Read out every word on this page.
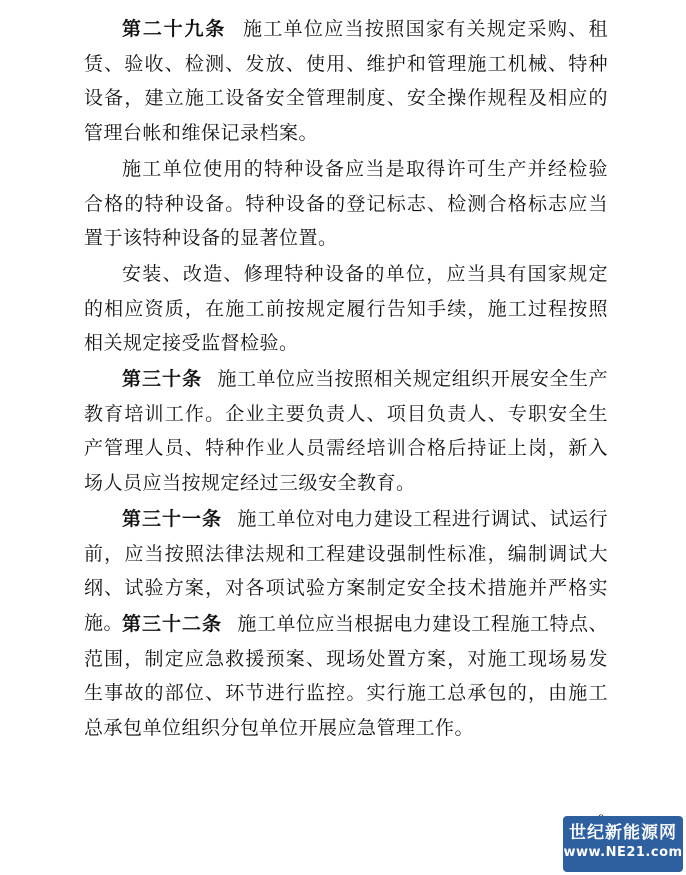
第二十九条 施工单位应当按照国家有关规定采购、租赁、验收、检测、发放、使用、维护和管理施工机械、特种设备，建立施工设备安全管理制度、安全操作规程及相应的管理台帐和维保记录档案。

施工单位使用的特种设备应当是取得许可生产并经检验合格的特种设备。特种设备的登记标志、检测合格标志应当置于该特种设备的显著位置。

安装、改造、修理特种设备的单位，应当具有国家规定的相应资质，在施工前按规定履行告知手续，施工过程按照相关规定接受监督检验。

第三十条 施工单位应当按照相关规定组织开展安全生产教育培训工作。企业主要负责人、项目负责人、专职安全生产管理人员、特种作业人员需经培训合格后持证上岗，新入场人员应当按规定经过三级安全教育。

第三十一条 施工单位对电力建设工程进行调试、试运行前，应当按照法律法规和工程建设强制性标准，编制调试大纲、试验方案，对各项试验方案制定安全技术措施并严格实施。

第三十二条 施工单位应当根据电力建设工程施工特点、范围，制定应急救援预案、现场处置方案，对施工现场易发生事故的部位、环节进行监控。实行施工总承包的，由施工总承包单位组织分包单位开展应急管理工作。

世纪新能源网
www.NE21.com
